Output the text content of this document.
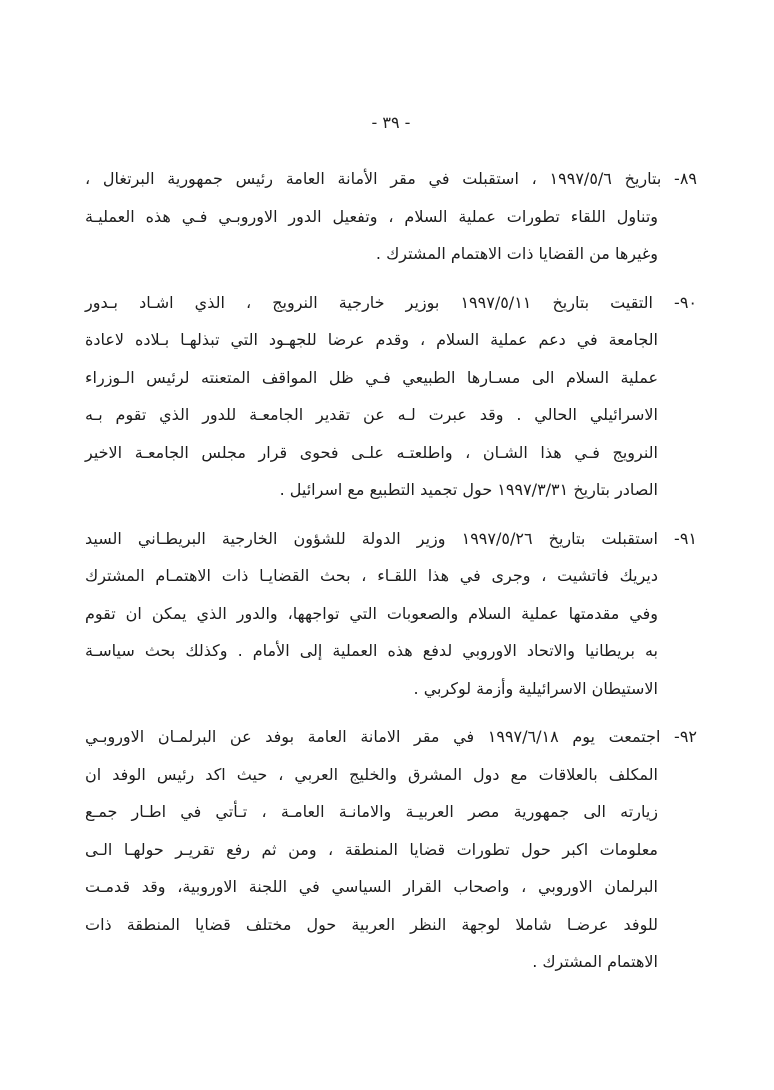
- ٣٩ -
٨٩- بتاريخ ١٩٩٧/٥/٦ ، استقبلت في مقر الأمانة العامة رئيس جمهورية البرتغال ،
وتناول اللقاء تطورات عملية السلام ، وتفعيل الدور الاوروبـي فـي هذه العمليـة
وغيرها من القضايا ذات الاهتمام المشترك .
٩٠- التقيت بتاريخ ١٩٩٧/٥/١١ بوزير خارجية النرويج ، الذي اشـاد بـدور
الجامعة في دعم عملية السلام ، وقدم عرضا للجهـود التي تبذلهـا بـلاده لاعادة
عملية السلام الى مسـارها الطبيعي فـي ظل المواقف المتعنته لرئيس الـوزراء
الاسرائيلي الحالي . وقد عبرت لـه عن تقدير الجامعـة للدور الذي تقوم بـه
النرويج فـي هذا الشـان ، واطلعتـه علـى فحوى قرار مجلس الجامعـة الاخير
الصادر بتاريخ ١٩٩٧/٣/٣١ حول تجميد التطبيع مع اسرائيل .
٩١- استقبلت بتاريخ ١٩٩٧/٥/٢٦ وزير الدولة للشؤون الخارجية البريطـاني السيد
ديريك فاتشيت ، وجرى في هذا اللقـاء ، بحث القضايـا ذات الاهتمـام المشترك
وفي مقدمتها عملية السلام والصعوبات التي تواجهها، والدور الذي يمكن ان تقوم
به بريطانيا والاتحاد الاوروبي لدفع هذه العملية إلى الأمام . وكذلك بحث سياسـة
الاستيطان الاسرائيلية وأزمة لوكربي .
٩٢- اجتمعت يوم ١٩٩٧/٦/١٨ في مقر الامانة العامة بوفد عن البرلمـان الاوروبـي
المكلف بالعلاقات مع دول المشرق والخليج العربي ، حيث اكد رئيس الوفد ان
زيارته الى جمهورية مصر العربيـة والامانـة العامـة ، تـأتي في اطـار جمـع
معلومات اكبر حول تطورات قضايا المنطقة ، ومن ثم رفع تقريـر حولهـا الـى
البرلمان الاوروبي ، واصحاب القرار السياسي في اللجنة الاوروبية، وقد قدمـت
للوفد عرضـا شاملا لوجهة النظر العربية حول مختلف قضايا المنطقة ذات
الاهتمام المشترك .
